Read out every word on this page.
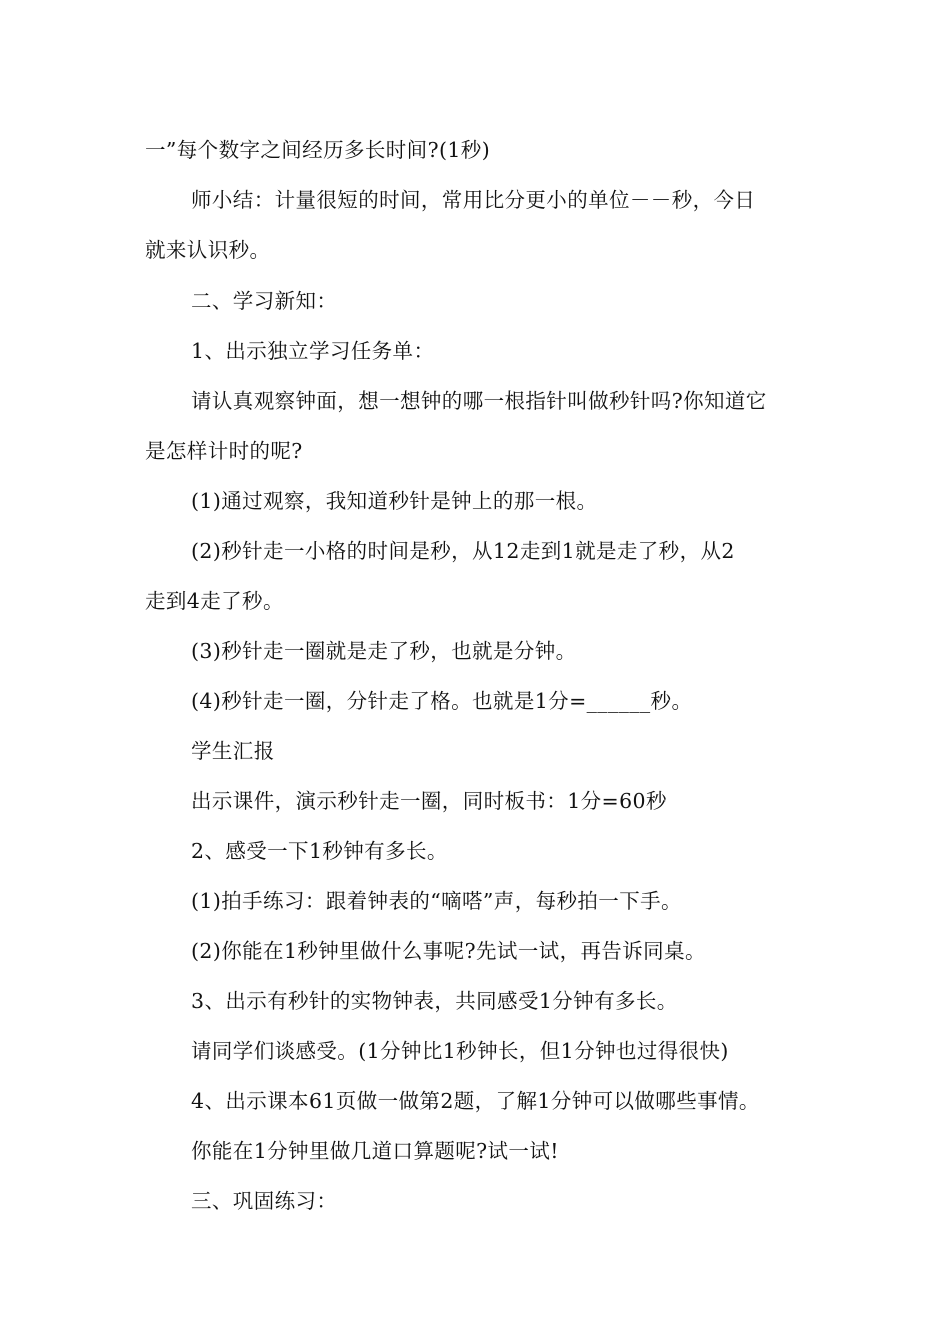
一”每个数字之间经历多长时间?(1秒)
师小结：计量很短的时间，常用比分更小的单位－－秒，今日
就来认识秒。
二、学习新知：
1、出示独立学习任务单：
请认真观察钟面，想一想钟的哪一根指针叫做秒针吗?你知道它
是怎样计时的呢?
(1)通过观察，我知道秒针是钟上的那一根。
(2)秒针走一小格的时间是秒，从12走到1就是走了秒，从2
走到4走了秒。
(3)秒针走一圈就是走了秒，也就是分钟。
(4)秒针走一圈，分针走了格。也就是1分=______秒。
学生汇报
出示课件，演示秒针走一圈，同时板书：1分=60秒
2、感受一下1秒钟有多长。
(1)拍手练习：跟着钟表的“嘀嗒”声，每秒拍一下手。
(2)你能在1秒钟里做什么事呢?先试一试，再告诉同桌。
3、出示有秒针的实物钟表，共同感受1分钟有多长。
请同学们谈感受。(1分钟比1秒钟长，但1分钟也过得很快)
4、出示课本61页做一做第2题，了解1分钟可以做哪些事情。
你能在1分钟里做几道口算题呢?试一试!
三、巩固练习：
